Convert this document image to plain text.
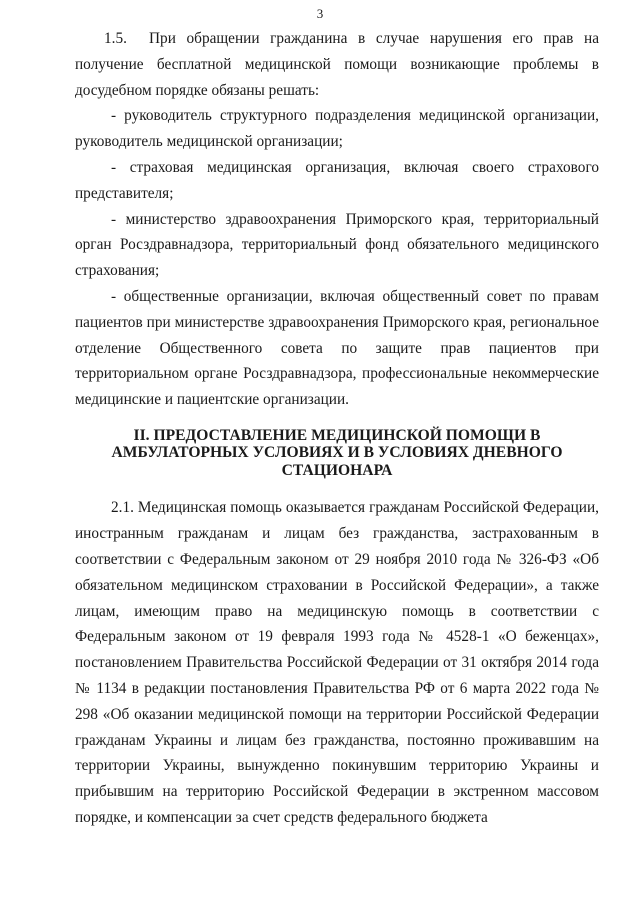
3

1.5. При обращении гражданина в случае нарушения его прав на получение бесплатной медицинской помощи возникающие проблемы в досудебном порядке обязаны решать:

- руководитель структурного подразделения медицинской организации, руководитель медицинской организации;

- страховая медицинская организация, включая своего страхового представителя;

- министерство здравоохранения Приморского края, территориальный орган Росздравнадзора, территориальный фонд обязательного медицинского страхования;

- общественные организации, включая общественный совет по правам пациентов при министерстве здравоохранения Приморского края, региональное отделение Общественного совета по защите прав пациентов при территориальном органе Росздравнадзора, профессиональные некоммерческие медицинские и пациентские организации.

II. ПРЕДОСТАВЛЕНИЕ МЕДИЦИНСКОЙ ПОМОЩИ В
АМБУЛАТОРНЫХ УСЛОВИЯХ И В УСЛОВИЯХ ДНЕВНОГО
СТАЦИОНАРА

2.1. Медицинская помощь оказывается гражданам Российской Федерации, иностранным гражданам и лицам без гражданства, застрахованным в соответствии с Федеральным законом от 29 ноября 2010 года № 326-ФЗ «Об обязательном медицинском страховании в Российской Федерации», а также лицам, имеющим право на медицинскую помощь в соответствии с Федеральным законом от 19 февраля 1993 года № 4528-1 «О беженцах», постановлением Правительства Российской Федерации от 31 октября 2014 года № 1134 в редакции постановления Правительства РФ от 6 марта 2022 года № 298 «Об оказании медицинской помощи на территории Российской Федерации гражданам Украины и лицам без гражданства, постоянно проживавшим на территории Украины, вынужденно покинувшим территорию Украины и прибывшим на территорию Российской Федерации в экстренном массовом порядке, и компенсации за счет средств федерального бюджета
